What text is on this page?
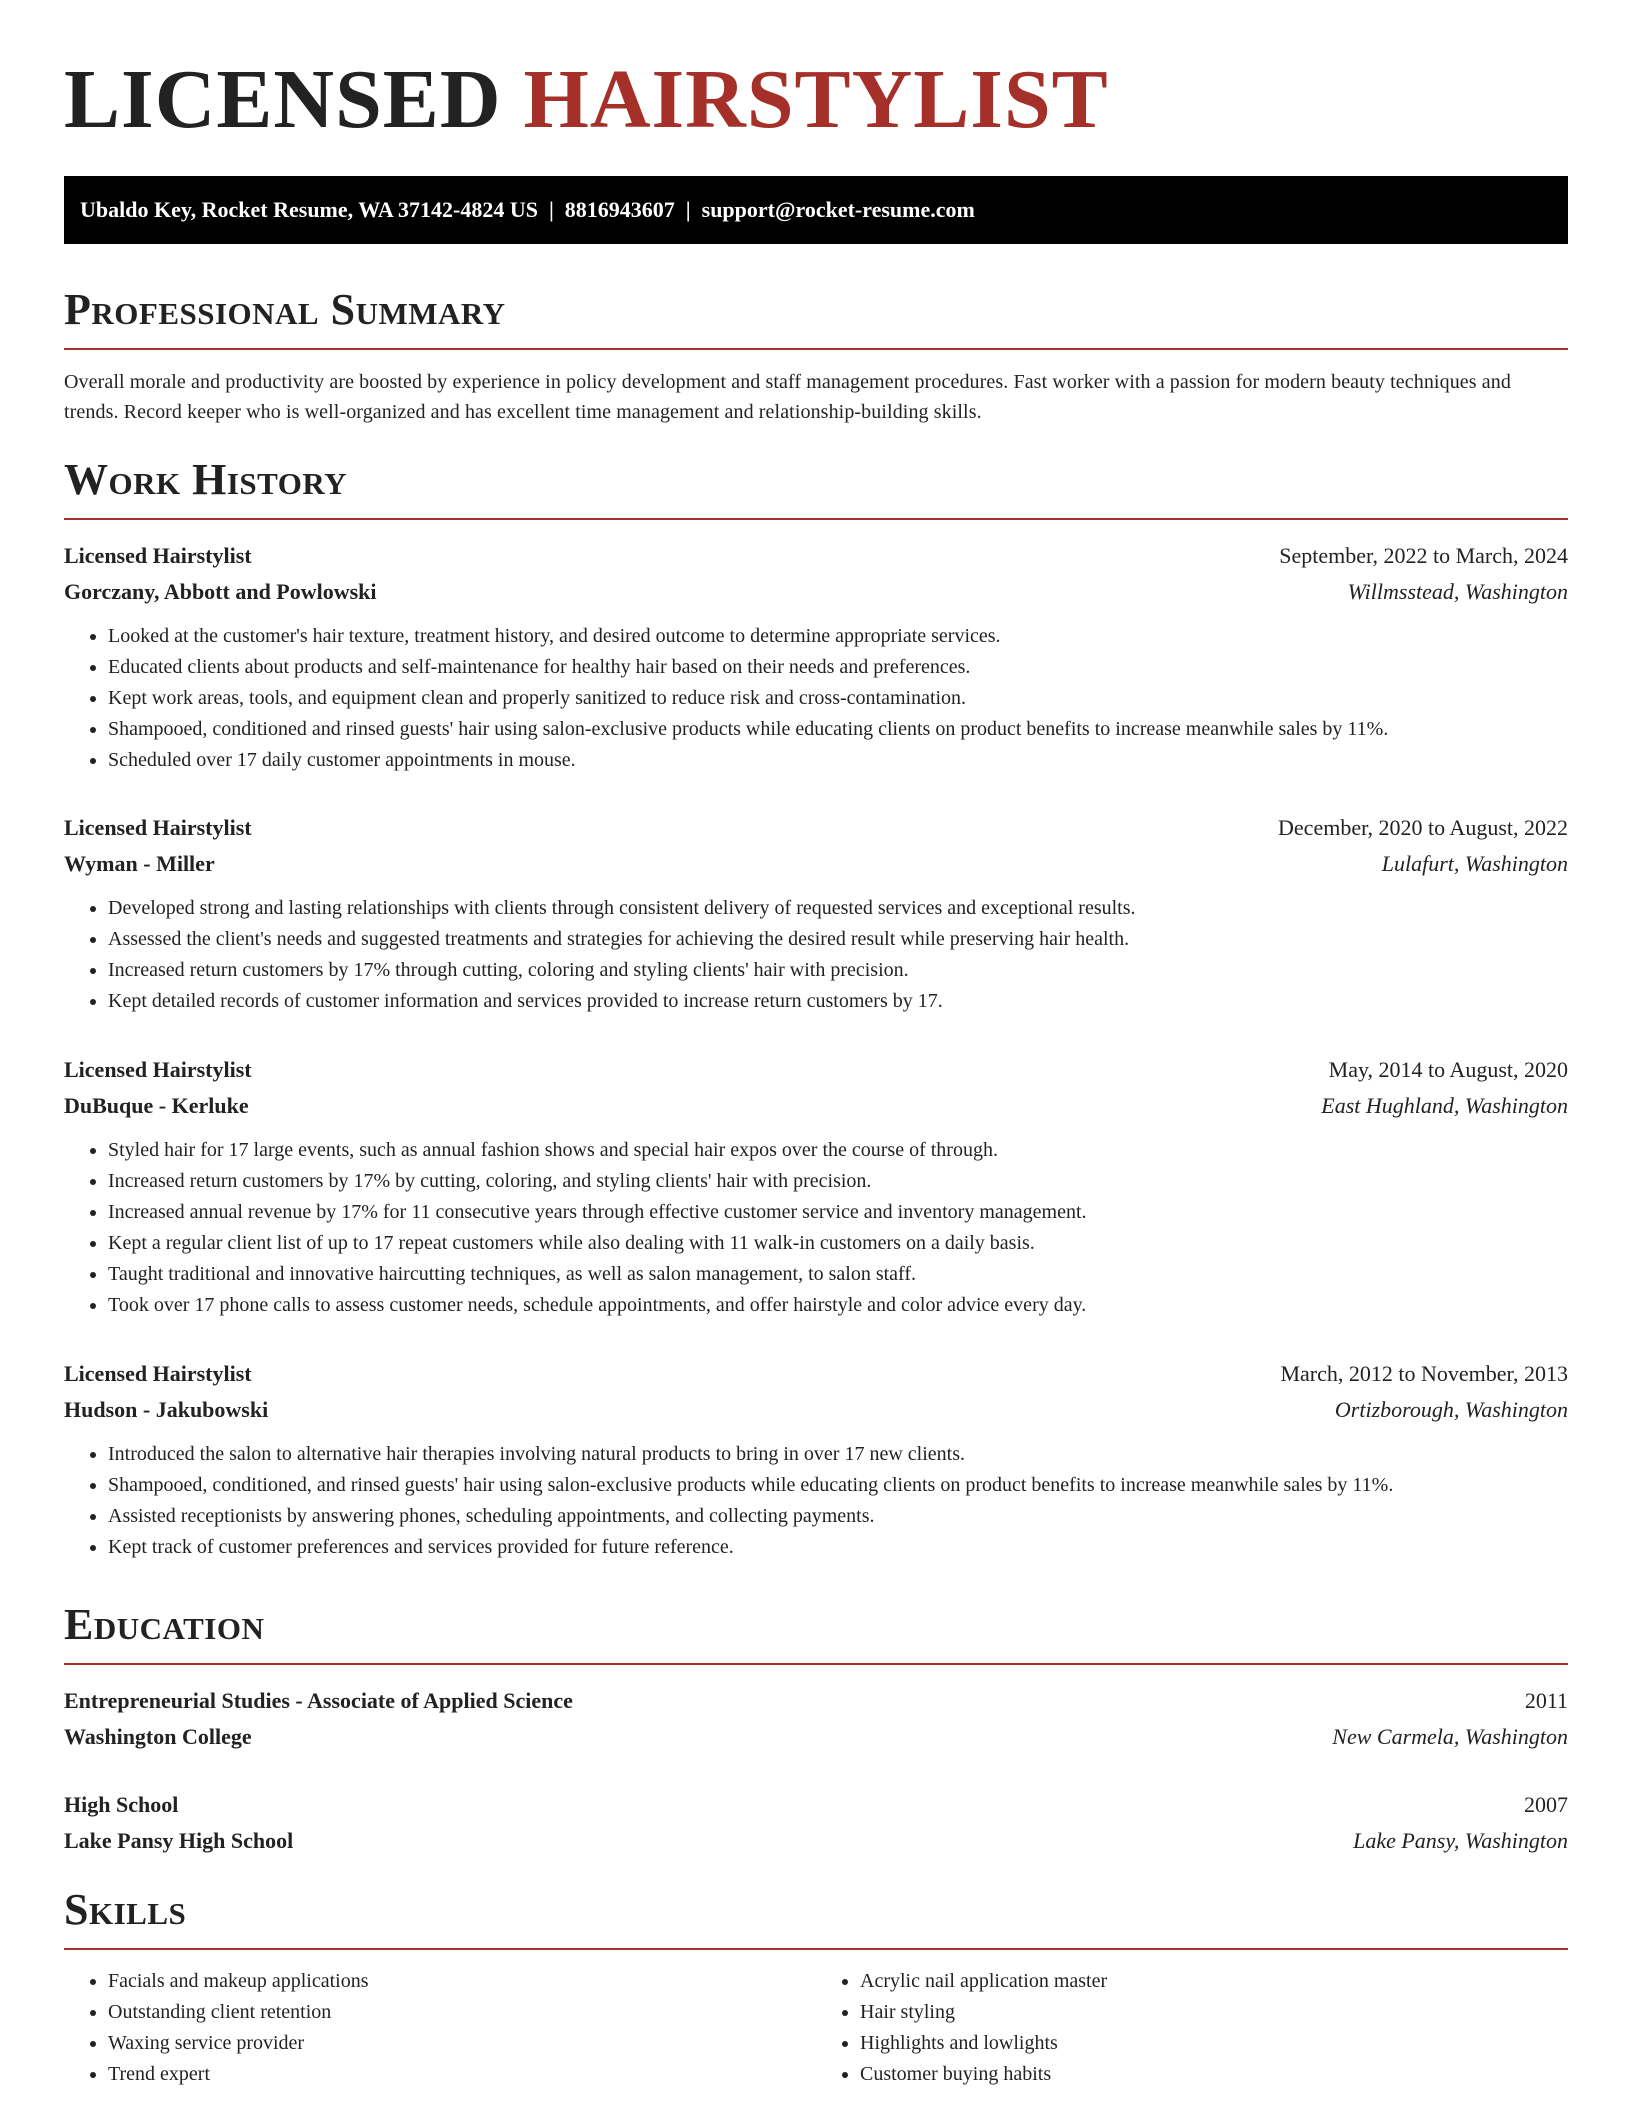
LICENSED HAIRSTYLIST
Ubaldo Key, Rocket Resume, WA 37142-4824 US  |  8816943607  |  support@rocket-resume.com
Professional Summary

Overall morale and productivity are boosted by experience in policy development and staff management procedures. Fast worker with a passion for modern beauty techniques and trends. Record keeper who is well-organized and has excellent time management and relationship-building skills.

Work History
Licensed Hairstylist	September, 2022 to March, 2024
Gorczany, Abbott and Powlowski	Willmsstead, Washington
• Looked at the customer's hair texture, treatment history, and desired outcome to determine appropriate services.
• Educated clients about products and self-maintenance for healthy hair based on their needs and preferences.
• Kept work areas, tools, and equipment clean and properly sanitized to reduce risk and cross-contamination.
• Shampooed, conditioned and rinsed guests' hair using salon-exclusive products while educating clients on product benefits to increase meanwhile sales by 11%.
• Scheduled over 17 daily customer appointments in mouse.
Licensed Hairstylist	December, 2020 to August, 2022
Wyman - Miller	Lulafurt, Washington
• Developed strong and lasting relationships with clients through consistent delivery of requested services and exceptional results.
• Assessed the client's needs and suggested treatments and strategies for achieving the desired result while preserving hair health.
• Increased return customers by 17% through cutting, coloring and styling clients' hair with precision.
• Kept detailed records of customer information and services provided to increase return customers by 17.
Licensed Hairstylist	May, 2014 to August, 2020
DuBuque - Kerluke	East Hughland, Washington
• Styled hair for 17 large events, such as annual fashion shows and special hair expos over the course of through.
• Increased return customers by 17% by cutting, coloring, and styling clients' hair with precision.
• Increased annual revenue by 17% for 11 consecutive years through effective customer service and inventory management.
• Kept a regular client list of up to 17 repeat customers while also dealing with 11 walk-in customers on a daily basis.
• Taught traditional and innovative haircutting techniques, as well as salon management, to salon staff.
• Took over 17 phone calls to assess customer needs, schedule appointments, and offer hairstyle and color advice every day.
Licensed Hairstylist	March, 2012 to November, 2013
Hudson - Jakubowski	Ortizborough, Washington
• Introduced the salon to alternative hair therapies involving natural products to bring in over 17 new clients.
• Shampooed, conditioned, and rinsed guests' hair using salon-exclusive products while educating clients on product benefits to increase meanwhile sales by 11%.
• Assisted receptionists by answering phones, scheduling appointments, and collecting payments.
• Kept track of customer preferences and services provided for future reference.
Education
Entrepreneurial Studies - Associate of Applied Science	2011
Washington College	New Carmela, Washington
High School	2007
Lake Pansy High School	Lake Pansy, Washington
Skills
• Facials and makeup applications
• Outstanding client retention
• Waxing service provider
• Trend expert
• Acrylic nail application master
• Hair styling
• Highlights and lowlights
• Customer buying habits
